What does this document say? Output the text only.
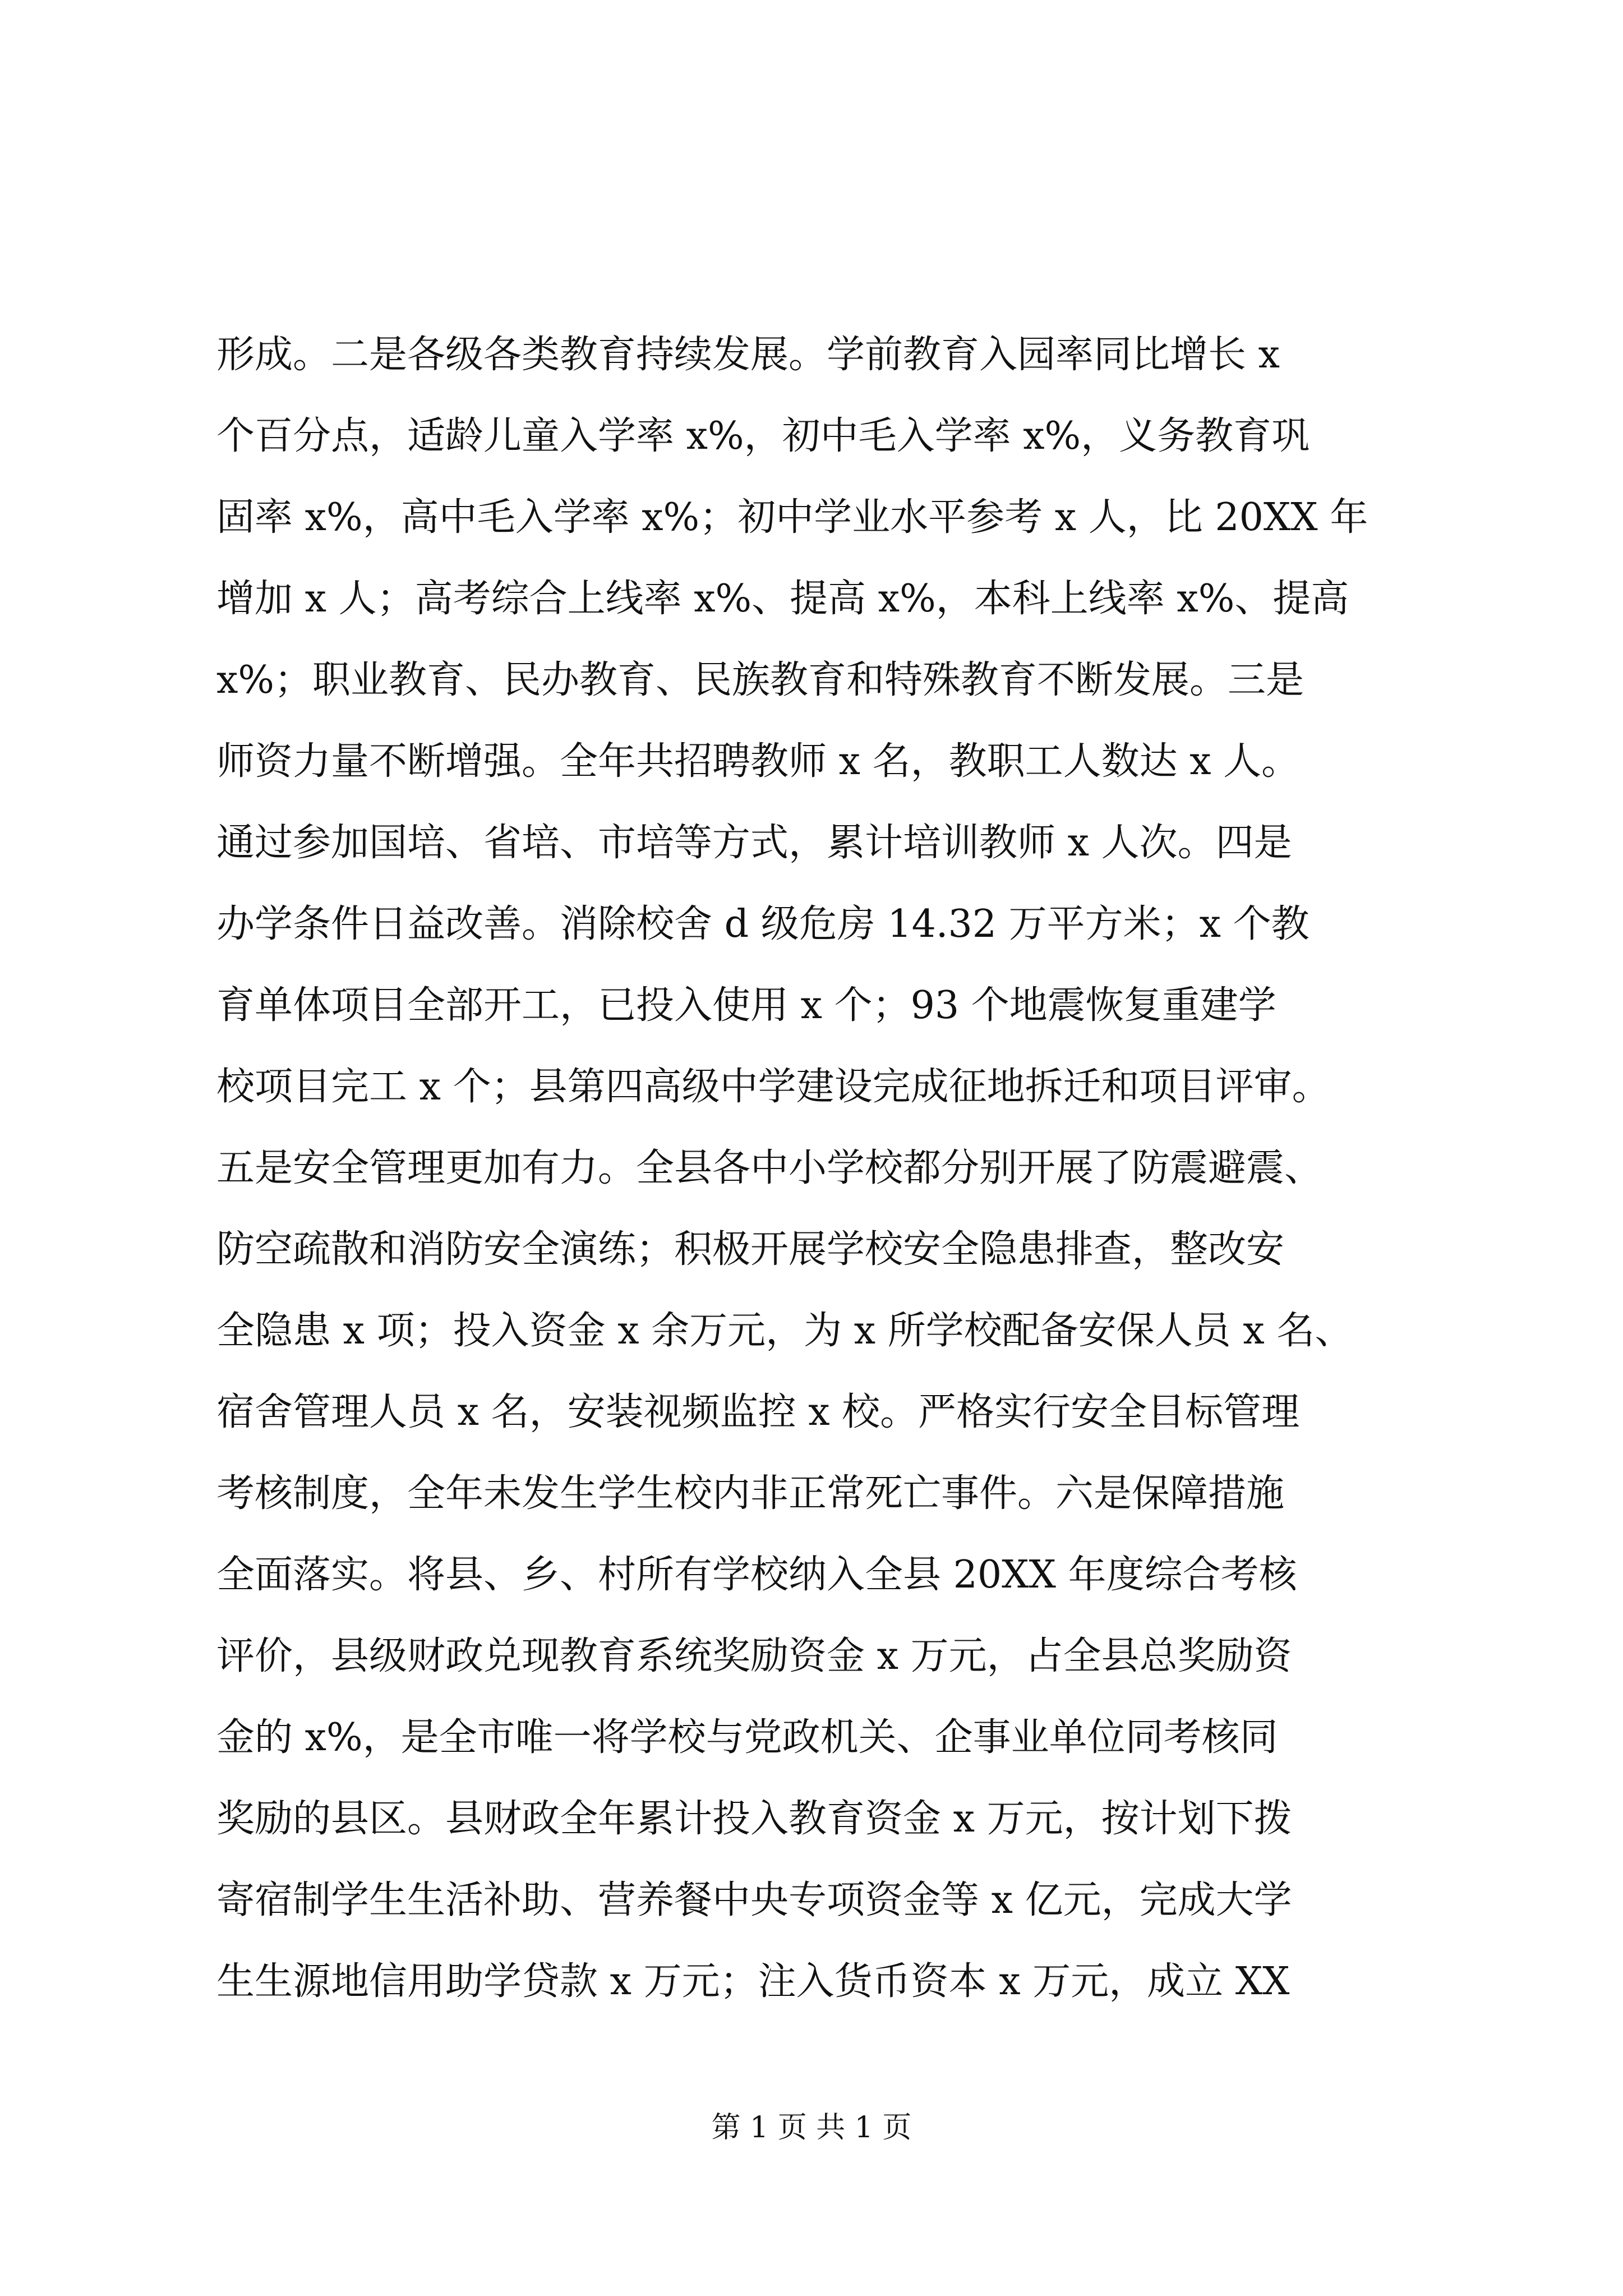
形成。二是各级各类教育持续发展。学前教育入园率同比增长 x
个百分点，适龄儿童入学率 x%，初中毛入学率 x%，义务教育巩
固率 x%，高中毛入学率 x%；初中学业水平参考 x 人，比 20XX 年
增加 x 人；高考综合上线率 x%、提高 x%，本科上线率 x%、提高
x%；职业教育、民办教育、民族教育和特殊教育不断发展。三是
师资力量不断增强。全年共招聘教师 x 名，教职工人数达 x 人。
通过参加国培、省培、市培等方式，累计培训教师 x 人次。四是
办学条件日益改善。消除校舍 d 级危房 14.32 万平方米；x 个教
育单体项目全部开工，已投入使用 x 个；93 个地震恢复重建学
校项目完工 x 个；县第四高级中学建设完成征地拆迁和项目评审。
五是安全管理更加有力。全县各中小学校都分别开展了防震避震、
防空疏散和消防安全演练；积极开展学校安全隐患排查，整改安
全隐患 x 项；投入资金 x 余万元，为 x 所学校配备安保人员 x 名、
宿舍管理人员 x 名，安装视频监控 x 校。严格实行安全目标管理
考核制度，全年未发生学生校内非正常死亡事件。六是保障措施
全面落实。将县、乡、村所有学校纳入全县 20XX 年度综合考核
评价，县级财政兑现教育系统奖励资金 x 万元，占全县总奖励资
金的 x%，是全市唯一将学校与党政机关、企事业单位同考核同
奖励的县区。县财政全年累计投入教育资金 x 万元，按计划下拨
寄宿制学生生活补助、营养餐中央专项资金等 x 亿元，完成大学
生生源地信用助学贷款 x 万元；注入货币资本 x 万元，成立 XX
第 1 页 共 1 页
